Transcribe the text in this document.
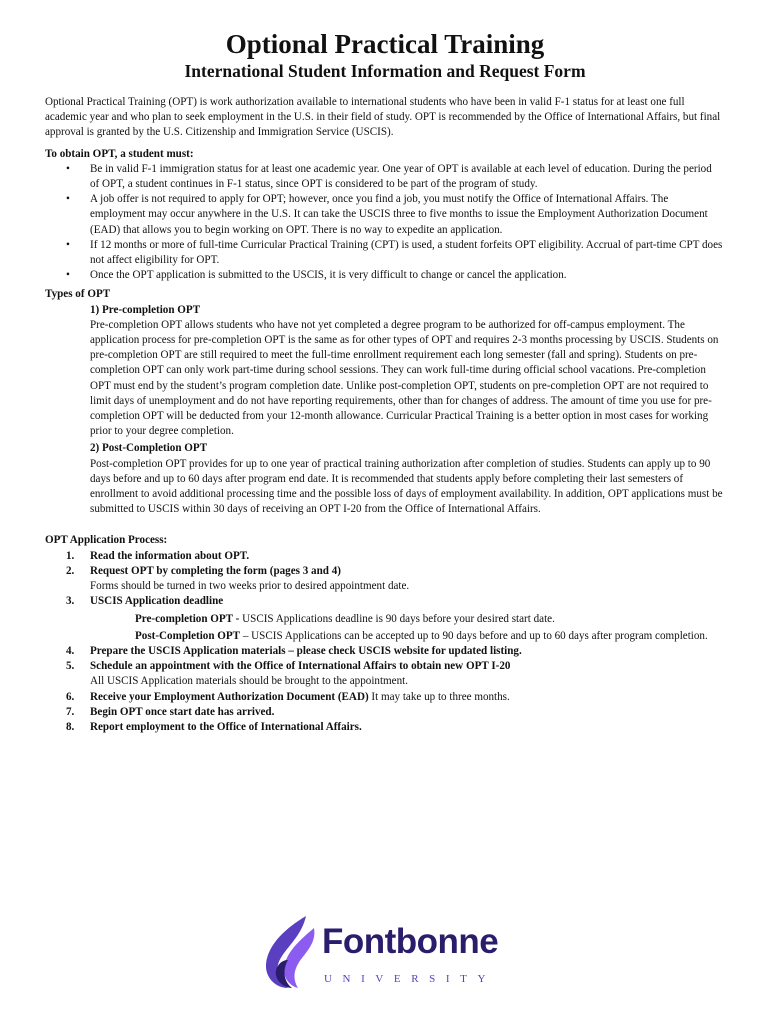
Optional Practical Training
International Student Information and Request Form

Optional Practical Training (OPT) is work authorization available to international students who have been in valid F-1 status for at least one full academic year and who plan to seek employment in the U.S. in their field of study. OPT is recommended by the Office of International Affairs, but final approval is granted by the U.S. Citizenship and Immigration Service (USCIS).

To obtain OPT, a student must:

• Be in valid F-1 immigration status for at least one academic year. One year of OPT is available at each level of education. During the period of OPT, a student continues in F-1 status, since OPT is considered to be part of the program of study.
• A job offer is not required to apply for OPT; however, once you find a job, you must notify the Office of International Affairs. The employment may occur anywhere in the U.S. It can take the USCIS three to five months to issue the Employment Authorization Document (EAD) that allows you to begin working on OPT. There is no way to expedite an application.
• If 12 months or more of full-time Curricular Practical Training (CPT) is used, a student forfeits OPT eligibility. Accrual of part-time CPT does not affect eligibility for OPT.
• Once the OPT application is submitted to the USCIS, it is very difficult to change or cancel the application.

Types of OPT

1) Pre-completion OPT

Pre-completion OPT allows students who have not yet completed a degree program to be authorized for off-campus employment. The application process for pre-completion OPT is the same as for other types of OPT and requires 2-3 months processing by USCIS. Students on pre-completion OPT are still required to meet the full-time enrollment requirement each long semester (fall and spring). Students on pre-completion OPT can only work part-time during school sessions. They can work full-time during official school vacations. Pre-completion OPT must end by the student’s program completion date. Unlike post-completion OPT, students on pre-completion OPT are not required to limit days of unemployment and do not have reporting requirements, other than for changes of address. The amount of time you use for pre-completion OPT will be deducted from your 12-month allowance. Curricular Practical Training is a better option in most cases for working prior to your degree completion.

2) Post-Completion OPT

Post-completion OPT provides for up to one year of practical training authorization after completion of studies. Students can apply up to 90 days before and up to 60 days after program end date. It is recommended that students apply before completing their last semesters of enrollment to avoid additional processing time and the possible loss of days of employment availability. In addition, OPT applications must be submitted to USCIS within 30 days of receiving an OPT I-20 from the Office of International Affairs.

OPT Application Process:

1. Read the information about OPT.
2. Request OPT by completing the form (pages 3 and 4)
Forms should be turned in two weeks prior to desired appointment date.
3. USCIS Application deadline

Pre-completion OPT - USCIS Applications deadline is 90 days before your desired start date.

Post-Completion OPT – USCIS Applications can be accepted up to 90 days before and up to 60 days after program completion.

4. Prepare the USCIS Application materials – please check USCIS website for updated listing.
5. Schedule an appointment with the Office of International Affairs to obtain new OPT I-20
All USCIS Application materials should be brought to the appointment.
6. Receive your Employment Authorization Document (EAD) It may take up to three months.
7. Begin OPT once start date has arrived.
8. Report employment to the Office of International Affairs.
Fontbonne
UNIVERSITY
